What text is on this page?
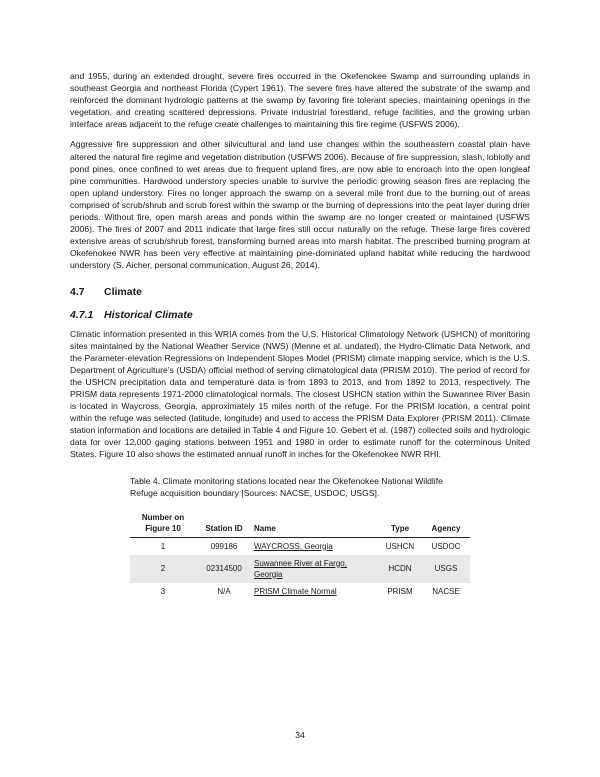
and 1955, during an extended drought, severe fires occurred in the Okefenokee Swamp and surrounding uplands in southeast Georgia and northeast Florida (Cypert 1961). The severe fires have altered the substrate of the swamp and reinforced the dominant hydrologic patterns at the swamp by favoring fire tolerant species, maintaining openings in the vegetation, and creating scattered depressions. Private industrial forestland, refuge facilities, and the growing urban interface areas adjacent to the refuge create challenges to maintaining this fire regime (USFWS 2006).

Aggressive fire suppression and other silvicultural and land use changes within the southeastern coastal plain have altered the natural fire regime and vegetation distribution (USFWS 2006). Because of fire suppression, slash, loblolly and pond pines, once confined to wet areas due to frequent upland fires, are now able to encroach into the open longleaf pine communities. Hardwood understory species unable to survive the periodic growing season fires are replacing the open upland understory. Fires no longer approach the swamp on a several mile front due to the burning out of areas comprised of scrub/shrub and scrub forest within the swamp or the burning of depressions into the peat layer during drier periods. Without fire, open marsh areas and ponds within the swamp are no longer created or maintained (USFWS 2006). The fires of 2007 and 2011 indicate that large fires still occur naturally on the refuge. These large fires covered extensive areas of scrub/shrub forest, transforming burned areas into marsh habitat. The prescribed burning program at Okefenokee NWR has been very effective at maintaining pine-dominated upland habitat while reducing the hardwood understory (S. Aicher, personal communication, August 26, 2014).

4.7	Climate
4.7.1	Historical Climate

Climatic information presented in this WRIA comes from the U.S. Historical Climatology Network (USHCN) of monitoring sites maintained by the National Weather Service (NWS) (Menne et al. undated), the Hydro-Climatic Data Network, and the Parameter-elevation Regressions on Independent Slopes Model (PRISM) climate mapping service, which is the U.S. Department of Agriculture’s (USDA) official method of serving climatological data (PRISM 2010). The period of record for the USHCN precipitation data and temperature data is from 1893 to 2013, and from 1892 to 2013, respectively. The PRISM data represents 1971-2000 climatological normals. The closest USHCN station within the Suwannee River Basin is located in Waycross, Georgia, approximately 15 miles north of the refuge. For the PRISM location, a central point within the refuge was selected (latitude, longitude) and used to access the PRISM Data Explorer (PRISM 2011). Climate station information and locations are detailed in Table 4 and Figure 10. Gebert et al. (1987) collected soils and hydrologic data for over 12,000 gaging stations between 1951 and 1980 in order to estimate runoff for the coterminous United States. Figure 10 also shows the estimated annual runoff in inches for the Okefenokee NWR RHI.

Table 4. Climate monitoring stations located near the Okefenokee National Wildlife Refuge acquisition boundary [Sources: NACSE, USDOC, USGS].

Number on Figure 10	Station ID	Name	Type	Agency
1	099186	WAYCROSS, Georgia	USHCN	USDOC
2	02314500	Suwannee River at Fargo, Georgia	HCDN	USGS
3	N/A	PRISM Climate Normal	PRISM	NACSE
34
